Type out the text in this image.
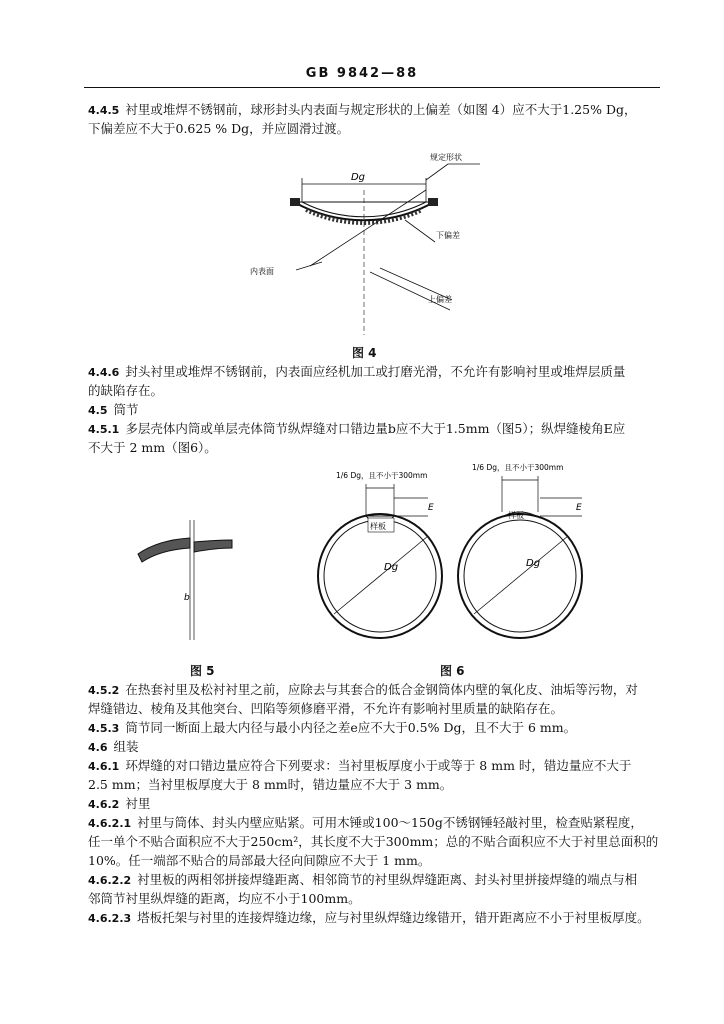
GB 9842—88
4.4.5 衬里或堆焊不锈钢前，球形封头内表面与规定形状的上偏差（如图 4）应不大于1.25% Dg，
下偏差应不大于0.625 % Dg，并应圆滑过渡。
Dg
规定形状
下偏差
上偏差
内表面
图 4
4.4.6 封头衬里或堆焊不锈钢前，内表面应经机加工或打磨光滑，不允许有影响衬里或堆焊层质量
的缺陷存在。
4.5 筒节
4.5.1 多层壳体内筒或单层壳体筒节纵焊缝对口错边量b应不大于1.5mm（图5）；纵焊缝棱角E应
不大于 2 mm（图6）。
b
图 5
Dg
样板
1/6 Dg，且不小于300mm
E
Dg
样板
1/6 Dg，且不小于300mm
E
图 6
4.5.2 在热套衬里及松衬衬里之前，应除去与其套合的低合金钢筒体内壁的氧化皮、油垢等污物，对
焊缝错边、棱角及其他突台、凹陷等须修磨平滑，不允许有影响衬里质量的缺陷存在。
4.5.3 筒节同一断面上最大内径与最小内径之差e应不大于0.5% Dg，且不大于 6 mm。
4.6 组装
4.6.1 环焊缝的对口错边量应符合下列要求：当衬里板厚度小于或等于 8 mm 时，错边量应不大于
2.5 mm；当衬里板厚度大于 8 mm时，错边量应不大于 3 mm。
4.6.2 衬里
4.6.2.1 衬里与筒体、封头内壁应贴紧。可用木锤或100～150g不锈钢锤轻敲衬里，检查贴紧程度，
任一单个不贴合面积应不大于250cm²，其长度不大于300mm；总的不贴合面积应不大于衬里总面积的
10%。任一端部不贴合的局部最大径向间隙应不大于 1 mm。
4.6.2.2 衬里板的两相邻拼接焊缝距离、相邻筒节的衬里纵焊缝距离、封头衬里拼接焊缝的端点与相
邻筒节衬里纵焊缝的距离，均应不小于100mm。
4.6.2.3 塔板托架与衬里的连接焊缝边缘，应与衬里纵焊缝边缘错开，错开距离应不小于衬里板厚度。
